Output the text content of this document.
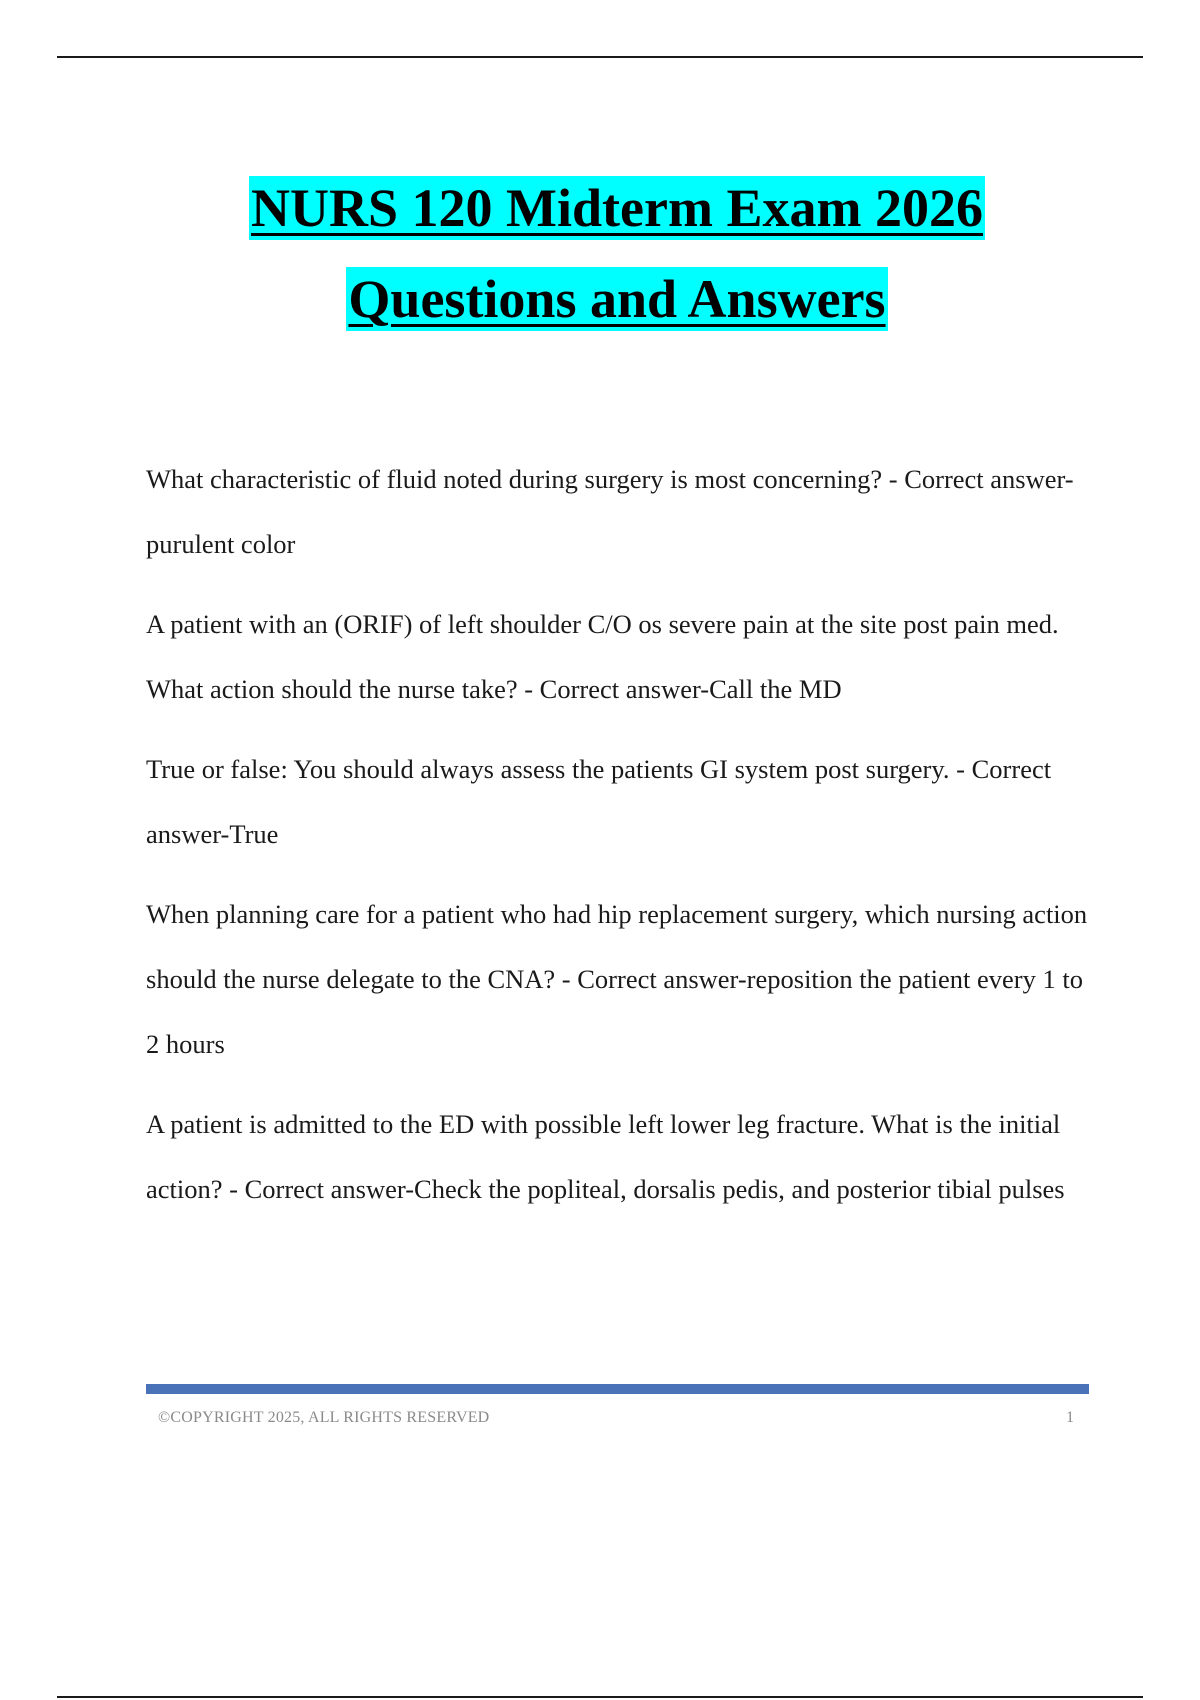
NURS 120 Midterm Exam 2026
Questions and Answers

What characteristic of fluid noted during surgery is most concerning? - Correct answer-purulent color

A patient with an (ORIF) of left shoulder C/O os severe pain at the site post pain med. What action should the nurse take? - Correct answer-Call the MD

True or false: You should always assess the patients GI system post surgery. - Correct answer-True

When planning care for a patient who had hip replacement surgery, which nursing action should the nurse delegate to the CNA? - Correct answer-reposition the patient every 1 to 2 hours

A patient is admitted to the ED with possible left lower leg fracture. What is the initial action? - Correct answer-Check the popliteal, dorsalis pedis, and posterior tibial pulses

©COPYRIGHT 2025, ALL RIGHTS RESERVED	1
